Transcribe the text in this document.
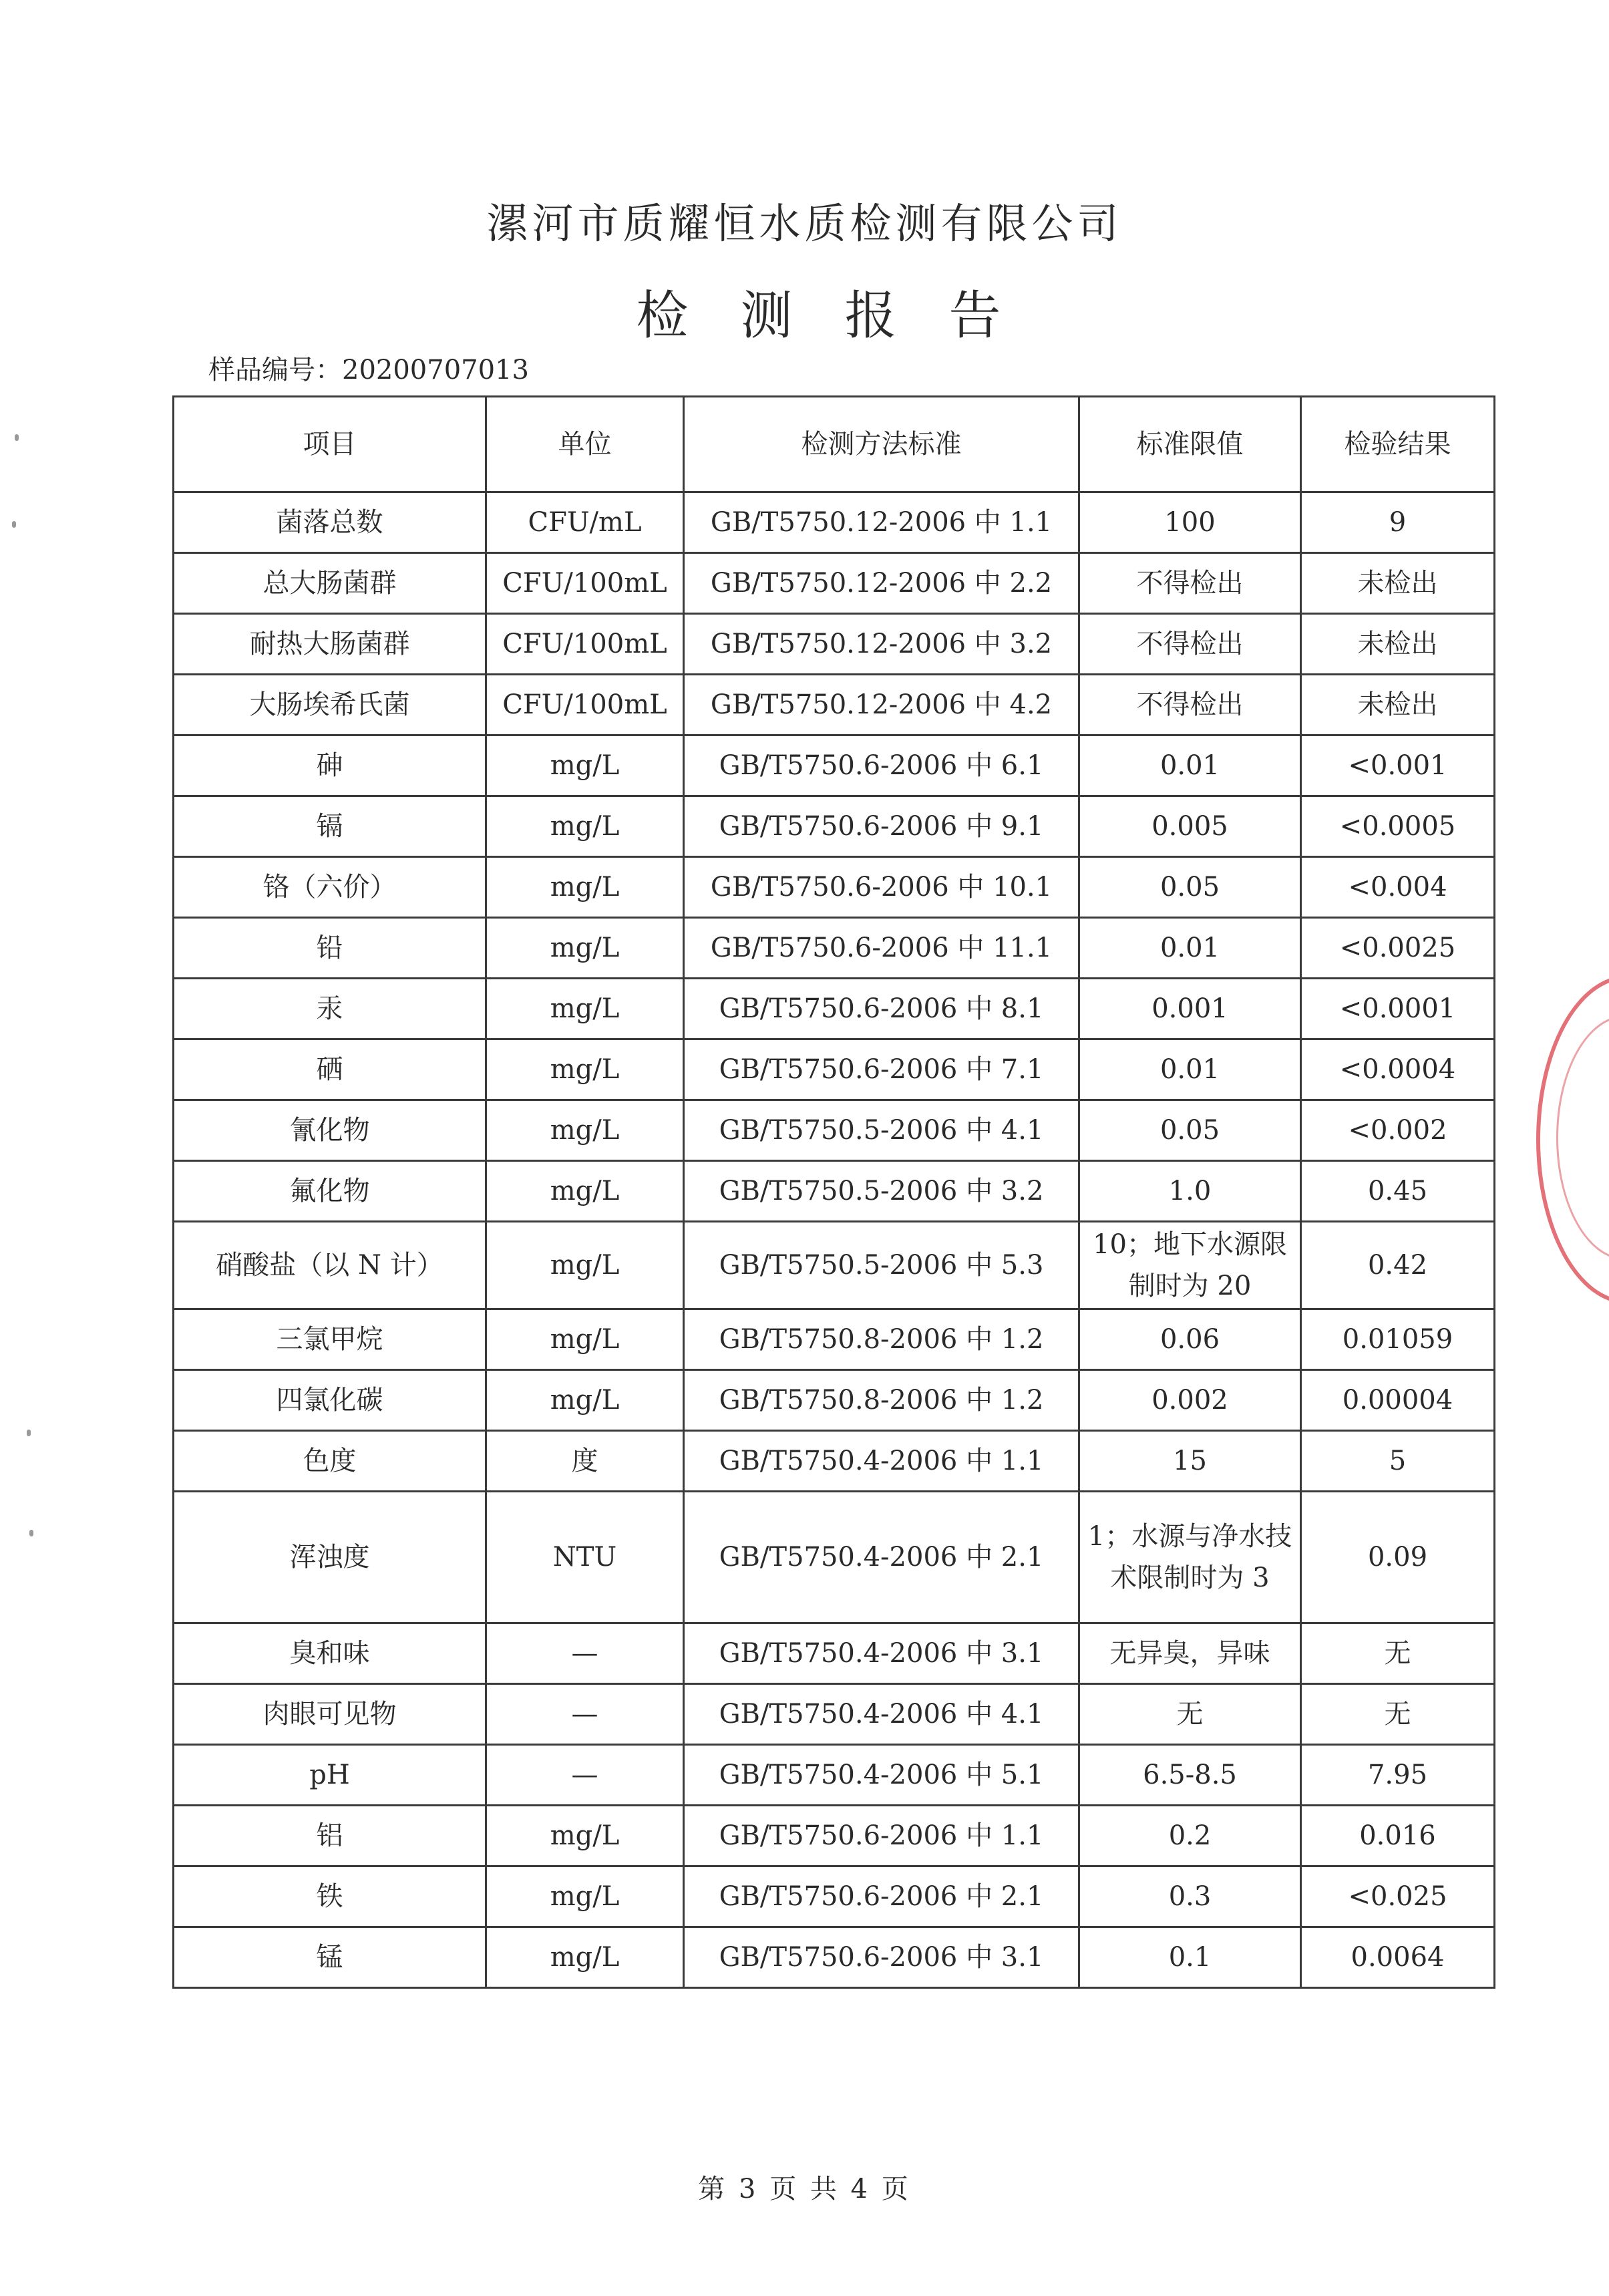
漯河市质耀恒水质检测有限公司
检测报告
样品编号：20200707013
项目	单位	检测方法标准	标准限值	检验结果
菌落总数	CFU/mL	GB/T5750.12-2006 中 1.1	100	9
总大肠菌群	CFU/100mL	GB/T5750.12-2006 中 2.2	不得检出	未检出
耐热大肠菌群	CFU/100mL	GB/T5750.12-2006 中 3.2	不得检出	未检出
大肠埃希氏菌	CFU/100mL	GB/T5750.12-2006 中 4.2	不得检出	未检出
砷	mg/L	GB/T5750.6-2006 中 6.1	0.01	<0.001
镉	mg/L	GB/T5750.6-2006 中 9.1	0.005	<0.0005
铬（六价）	mg/L	GB/T5750.6-2006 中 10.1	0.05	<0.004
铅	mg/L	GB/T5750.6-2006 中 11.1	0.01	<0.0025
汞	mg/L	GB/T5750.6-2006 中 8.1	0.001	<0.0001
硒	mg/L	GB/T5750.6-2006 中 7.1	0.01	<0.0004
氰化物	mg/L	GB/T5750.5-2006 中 4.1	0.05	<0.002
氟化物	mg/L	GB/T5750.5-2006 中 3.2	1.0	0.45
硝酸盐（以 N 计）	mg/L	GB/T5750.5-2006 中 5.3	10；地下水源限制时为 20	0.42
三氯甲烷	mg/L	GB/T5750.8-2006 中 1.2	0.06	0.01059
四氯化碳	mg/L	GB/T5750.8-2006 中 1.2	0.002	0.00004
色度	度	GB/T5750.4-2006 中 1.1	15	5
浑浊度	NTU	GB/T5750.4-2006 中 2.1	1；水源与净水技术限制时为 3	0.09
臭和味	—	GB/T5750.4-2006 中 3.1	无异臭，异味	无
肉眼可见物	—	GB/T5750.4-2006 中 4.1	无	无
pH	—	GB/T5750.4-2006 中 5.1	6.5-8.5	7.95
铝	mg/L	GB/T5750.6-2006 中 1.1	0.2	0.016
铁	mg/L	GB/T5750.6-2006 中 2.1	0.3	<0.025
锰	mg/L	GB/T5750.6-2006 中 3.1	0.1	0.0064
第 3 页 共 4 页
